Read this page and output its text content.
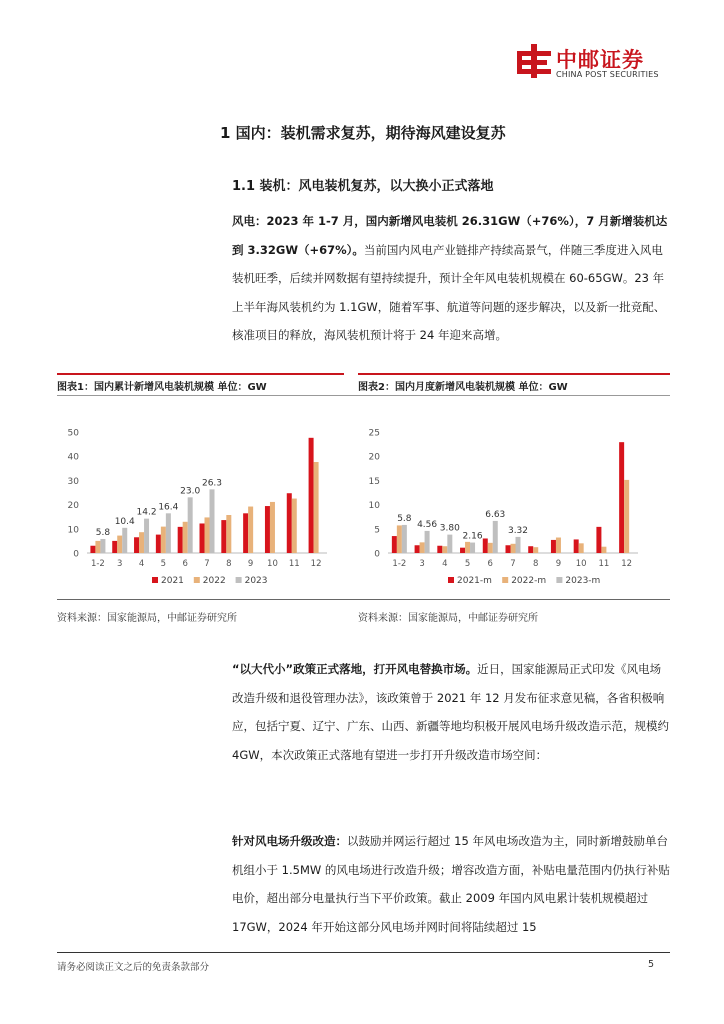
中邮证券
CHINA POST SECURITIES
1 国内：装机需求复苏，期待海风建设复苏
1.1 装机：风电装机复苏，以大换小正式落地
风电：2023 年 1-7 月，国内新增风电装机 26.31GW（+76%），7 月新增装机达到 3.32GW（+67%）。当前国内风电产业链排产持续高景气，伴随三季度进入风电装机旺季，后续并网数据有望持续提升，预计全年风电装机规模在 60-65GW。23 年上半年海风装机约为 1.1GW，随着军事、航道等问题的逐步解决，以及新一批竞配、核准项目的释放，海风装机预计将于 24 年迎来高增。
图表1：国内累计新增风电装机规模 单位：GW	图表2：国内月度新增风电装机规模 单位：GW
0
10
20
30
40
50
1-2 3 4 5 6 7 8 9 10 11 12
5.8
10.4
14.2
16.4
23.0
26.3
2021 2022 2023
0
5
10
15
20
25
1-2 3 4 5 6 7 8 9 10 11 12
5.8
4.56 3.80
2.16
6.63
3.32
2021-m 2022-m 2023-m
资料来源：国家能源局，中邮证券研究所	资料来源：国家能源局，中邮证券研究所
“以大代小”政策正式落地，打开风电替换市场。近日，国家能源局正式印发《风电场改造升级和退役管理办法》，该政策曾于 2021 年 12 月发布征求意见稿，各省积极响应，包括宁夏、辽宁、广东、山西、新疆等地均积极开展风电场升级改造示范，规模约 4GW，本次政策正式落地有望进一步打开升级改造市场空间：
针对风电场升级改造：以鼓励并网运行超过 15 年风电场改造为主，同时新增鼓励单台机组小于 1.5MW 的风电场进行改造升级；增容改造方面，补贴电量范围内仍执行补贴电价，超出部分电量执行当下平价政策。截止 2009 年国内风电累计装机规模超过 17GW，2024 年开始这部分风电场并网时间将陆续超过 15
请务必阅读正文之后的免责条款部分	5
